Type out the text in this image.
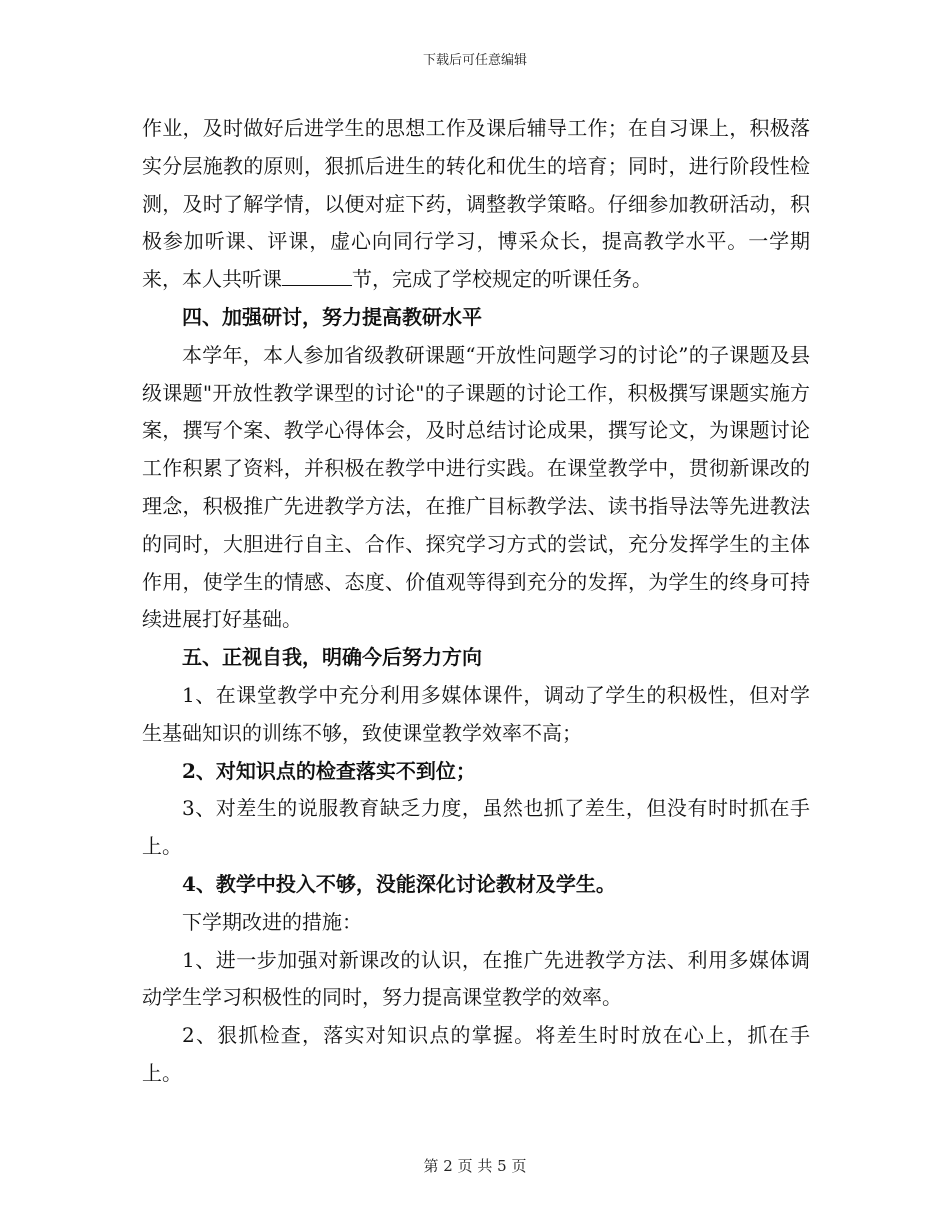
下载后可任意编辑

作业，及时做好后进学生的思想工作及课后辅导工作；在自习课上，积极落实分层施教的原则，狠抓后进生的转化和优生的培育；同时，进行阶段性检测，及时了解学情，以便对症下药，调整教学策略。仔细参加教研活动，积极参加听课、评课，虚心向同行学习，博采众长，提高教学水平。一学期来，本人共听课	节，完成了学校规定的听课任务。

四、加强研讨，努力提高教研水平

本学年，本人参加省级教研课题“开放性问题学习的讨论”的子课题及县级课题"开放性教学课型的讨论"的子课题的讨论工作，积极撰写课题实施方案，撰写个案、教学心得体会，及时总结讨论成果，撰写论文，为课题讨论工作积累了资料，并积极在教学中进行实践。在课堂教学中，贯彻新课改的理念，积极推广先进教学方法，在推广目标教学法、读书指导法等先进教法的同时，大胆进行自主、合作、探究学习方式的尝试，充分发挥学生的主体作用，使学生的情感、态度、价值观等得到充分的发挥，为学生的终身可持续进展打好基础。

五、正视自我，明确今后努力方向

1、在课堂教学中充分利用多媒体课件，调动了学生的积极性，但对学生基础知识的训练不够，致使课堂教学效率不高；

2、对知识点的检查落实不到位；

3、对差生的说服教育缺乏力度，虽然也抓了差生，但没有时时抓在手上。

4、教学中投入不够，没能深化讨论教材及学生。

下学期改进的措施：

1、进一步加强对新课改的认识，在推广先进教学方法、利用多媒体调动学生学习积极性的同时，努力提高课堂教学的效率。

2、狠抓检查，落实对知识点的掌握。将差生时时放在心上，抓在手上。

第 2 页 共 5 页
